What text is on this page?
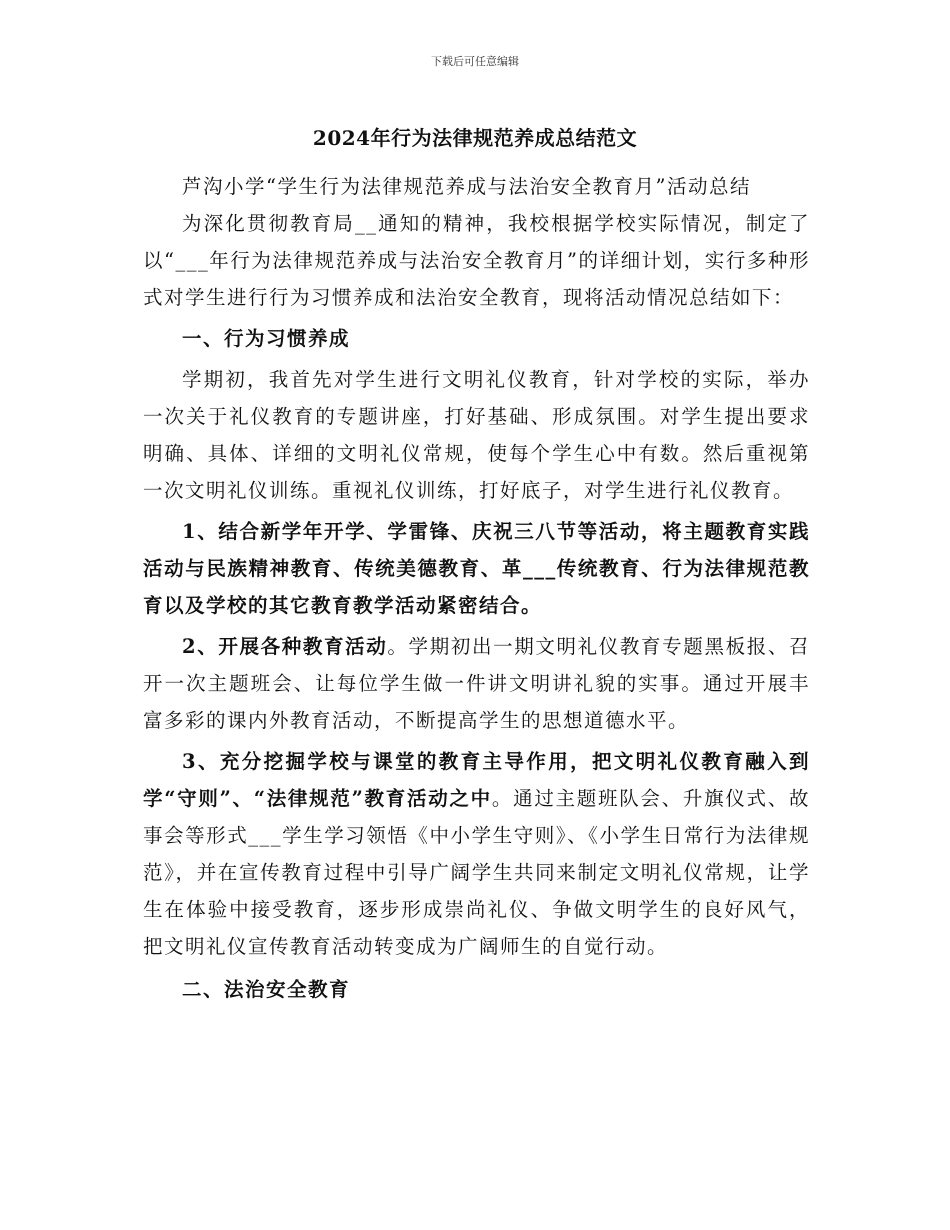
下载后可任意编辑
2024年行为法律规范养成总结范文

芦沟小学“学生行为法律规范养成与法治安全教育月”活动总结

为深化贯彻教育局__通知的精神，我校根据学校实际情况，制定了以“___年行为法律规范养成与法治安全教育月”的详细计划，实行多种形式对学生进行行为习惯养成和法治安全教育，现将活动情况总结如下：

一、行为习惯养成

学期初，我首先对学生进行文明礼仪教育，针对学校的实际，举办一次关于礼仪教育的专题讲座，打好基础、形成氛围。对学生提出要求明确、具体、详细的文明礼仪常规，使每个学生心中有数。然后重视第一次文明礼仪训练。重视礼仪训练，打好底子，对学生进行礼仪教育。

1、结合新学年开学、学雷锋、庆祝三八节等活动，将主题教育实践活动与民族精神教育、传统美德教育、革___传统教育、行为法律规范教育以及学校的其它教育教学活动紧密结合。

2、开展各种教育活动。学期初出一期文明礼仪教育专题黑板报、召开一次主题班会、让每位学生做一件讲文明讲礼貌的实事。通过开展丰富多彩的课内外教育活动，不断提高学生的思想道德水平。

3、充分挖掘学校与课堂的教育主导作用，把文明礼仪教育融入到学“守则”、“法律规范”教育活动之中。通过主题班队会、升旗仪式、故事会等形式___学生学习领悟《中小学生守则》、《小学生日常行为法律规范》，并在宣传教育过程中引导广阔学生共同来制定文明礼仪常规，让学生在体验中接受教育，逐步形成崇尚礼仪、争做文明学生的良好风气，把文明礼仪宣传教育活动转变成为广阔师生的自觉行动。

二、法治安全教育
